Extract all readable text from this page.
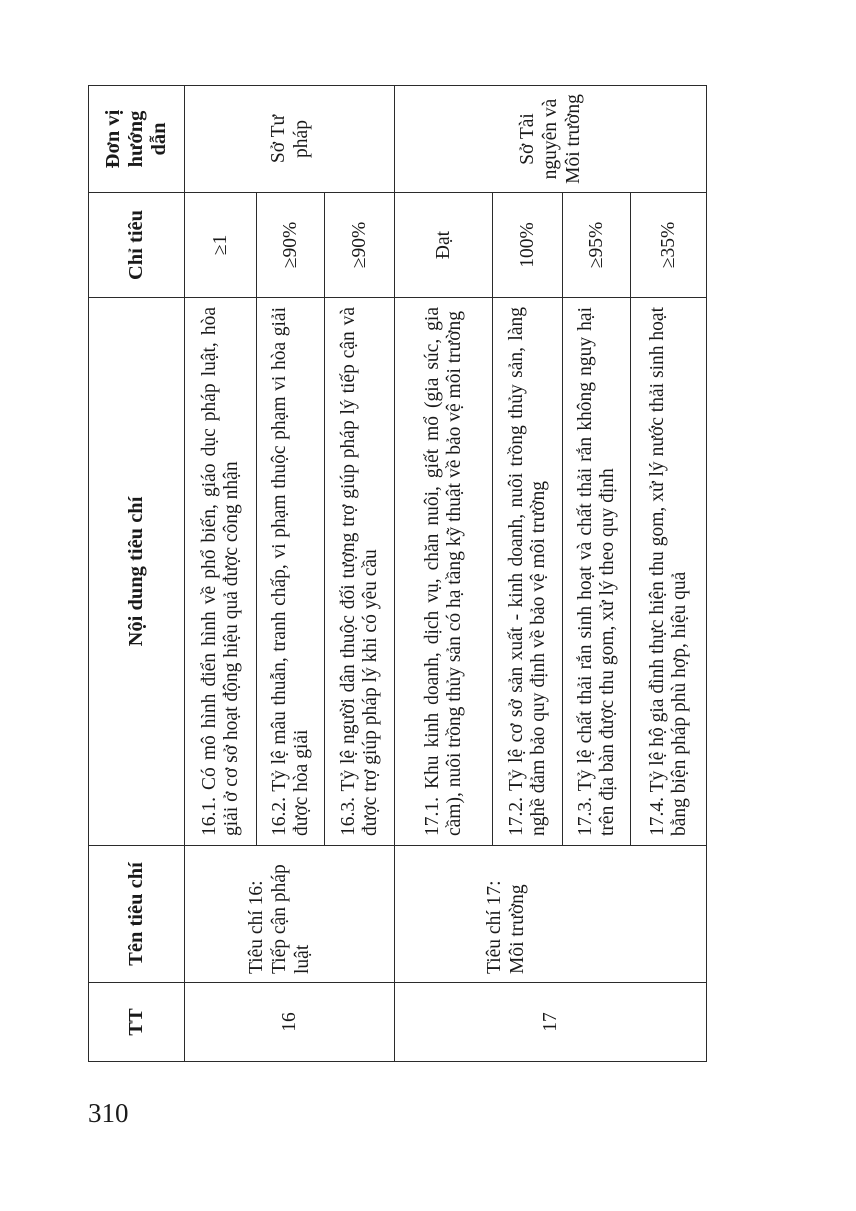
TT	Tên tiêu chí	Nội dung tiêu chí	Chỉ tiêu	Đơn vị hướng dẫn
16	Tiêu chí 16: Tiếp cận pháp luật	16.1. Có mô hình điển hình về phổ biến, giáo dục pháp luật, hòa giải ở cơ sở hoạt động hiệu quả được công nhận	≥1	Sở Tư pháp
		16.2. Tỷ lệ mâu thuẫn, tranh chấp, vi phạm thuộc phạm vi hòa giải được hòa giải	≥90%	
		16.3. Tỷ lệ người dân thuộc đối tượng trợ giúp pháp lý tiếp cận và được trợ giúp pháp lý khi có yêu cầu	≥90%	
17	Tiêu chí 17: Môi trường	17.1. Khu kinh doanh, dịch vụ, chăn nuôi, giết mổ (gia súc, gia cầm), nuôi trồng thủy sản có hạ tầng kỹ thuật về bảo vệ môi trường	Đạt	Sở Tài nguyên và Môi trường
		17.2. Tỷ lệ cơ sở sản xuất - kinh doanh, nuôi trồng thủy sản, làng nghề đảm bảo quy định về bảo vệ môi trường	100%	
		17.3. Tỷ lệ chất thải rắn sinh hoạt và chất thải rắn không nguy hại trên địa bàn được thu gom, xử lý theo quy định	≥95%	
		17.4. Tỷ lệ hộ gia đình thực hiện thu gom, xử lý nước thải sinh hoạt bằng biện pháp phù hợp, hiệu quả	≥35%	
310
